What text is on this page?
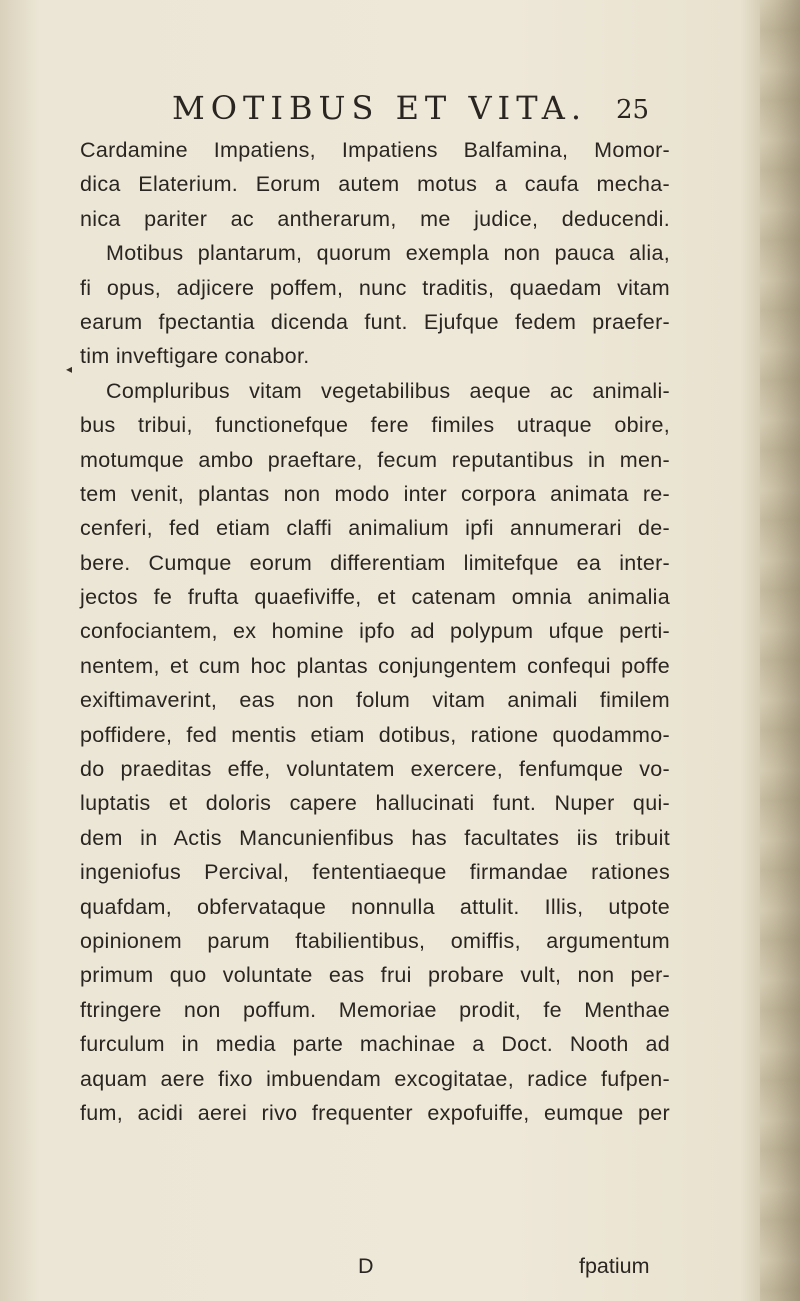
MOTIBUS ET VITA. 25
◂
Cardamine Impatiens, Impatiens Balfamina, Momor-
dica Elaterium. Eorum autem motus a caufa mecha-
nica pariter ac antherarum, me judice, deducendi.
Motibus plantarum, quorum exempla non pauca alia,
fi opus, adjicere poffem, nunc traditis, quaedam vitam
earum fpectantia dicenda funt. Ejufque fedem praefer-
tim inveftigare conabor.
Compluribus vitam vegetabilibus aeque ac animali-
bus tribui, functionefque fere fimiles utraque obire,
motumque ambo praeftare, fecum reputantibus in men-
tem venit, plantas non modo inter corpora animata re-
cenferi, fed etiam claffi animalium ipfi annumerari de-
bere. Cumque eorum differentiam limitefque ea inter-
jectos fe frufta quaefiviffe, et catenam omnia animalia
confociantem, ex homine ipfo ad polypum ufque perti-
nentem, et cum hoc plantas conjungentem confequi poffe
exiftimaverint, eas non folum vitam animali fimilem
poffidere, fed mentis etiam dotibus, ratione quodammo-
do praeditas effe, voluntatem exercere, fenfumque vo-
luptatis et doloris capere hallucinati funt. Nuper qui-
dem in Actis Mancunienfibus has facultates iis tribuit
ingeniofus Percival, fententiaeque firmandae rationes
quafdam, obfervataque nonnulla attulit. Illis, utpote
opinionem parum ftabilientibus, omiffis, argumentum
primum quo voluntate eas frui probare vult, non per-
ftringere non poffum. Memoriae prodit, fe Menthae
furculum in media parte machinae a Doct. Nooth ad
aquam aere fixo imbuendam excogitatae, radice fufpen-
fum, acidi aerei rivo frequenter expofuiffe, eumque per
D	fpatium
